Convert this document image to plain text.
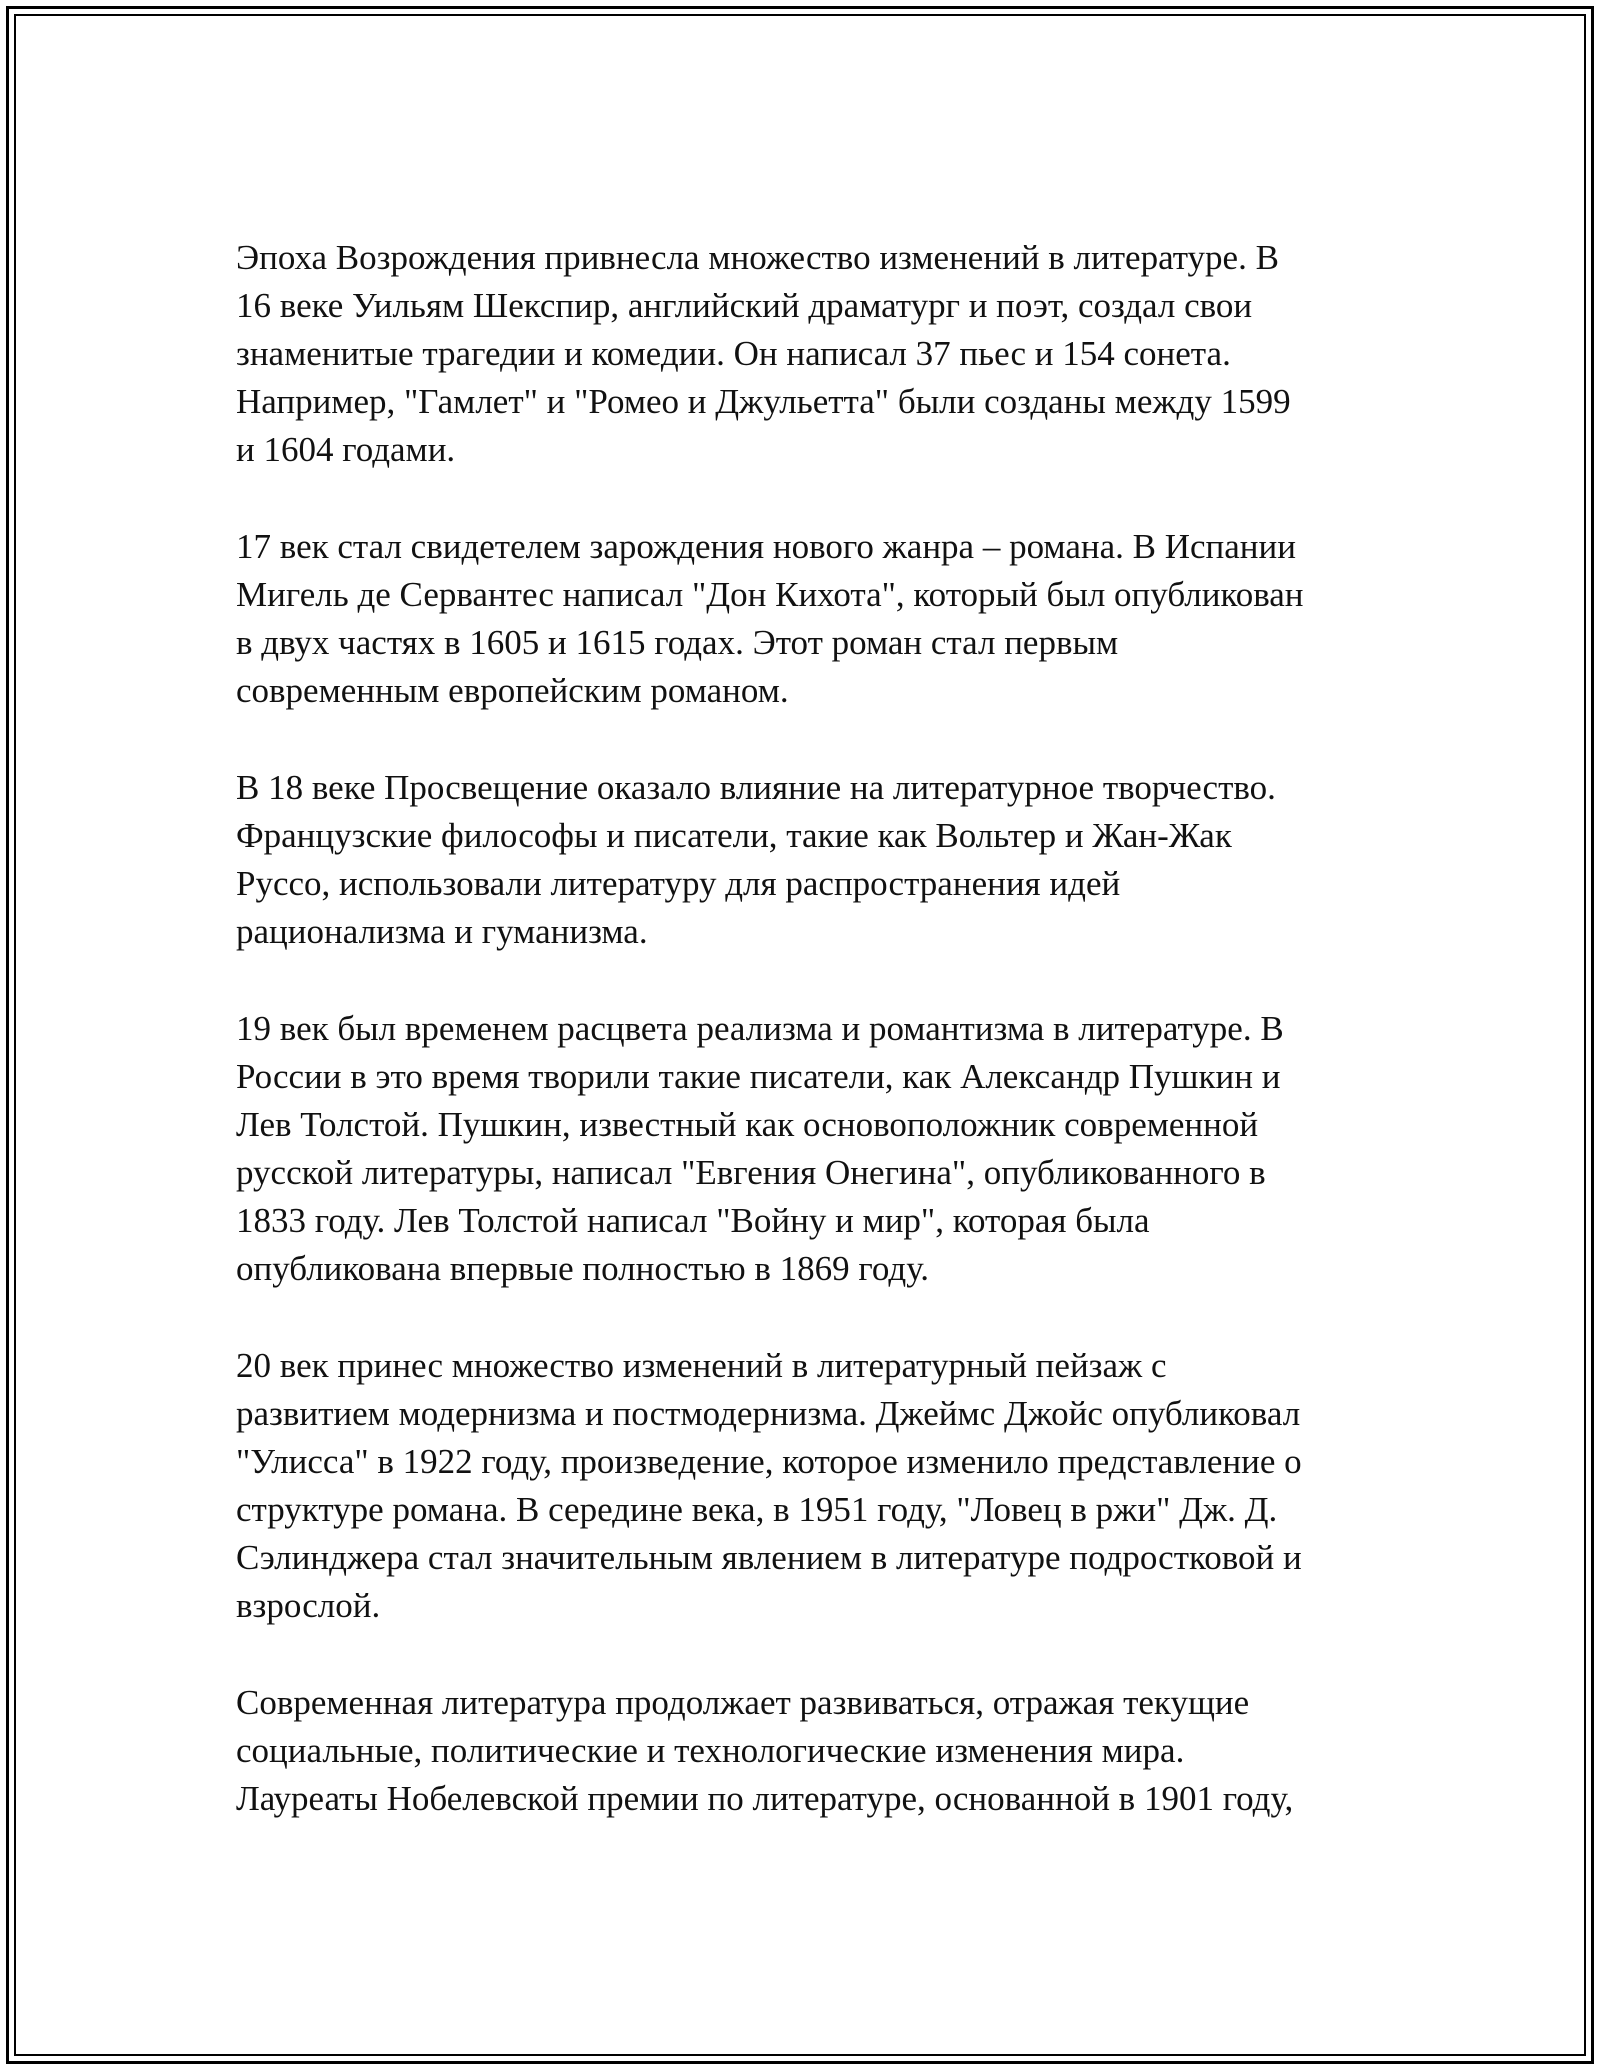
Эпоха Возрождения привнесла множество изменений в литературе. В
16 веке Уильям Шекспир, английский драматург и поэт, создал свои
знаменитые трагедии и комедии. Он написал 37 пьес и 154 сонета.
Например, "Гамлет" и "Ромео и Джульетта" были созданы между 1599
и 1604 годами.

17 век стал свидетелем зарождения нового жанра – романа. В Испании
Мигель де Сервантес написал "Дон Кихота", который был опубликован
в двух частях в 1605 и 1615 годах. Этот роман стал первым
современным европейским романом.

В 18 веке Просвещение оказало влияние на литературное творчество.
Французские философы и писатели, такие как Вольтер и Жан-Жак
Руссо, использовали литературу для распространения идей
рационализма и гуманизма.

19 век был временем расцвета реализма и романтизма в литературе. В
России в это время творили такие писатели, как Александр Пушкин и
Лев Толстой. Пушкин, известный как основоположник современной
русской литературы, написал "Евгения Онегина", опубликованного в
1833 году. Лев Толстой написал "Войну и мир", которая была
опубликована впервые полностью в 1869 году.

20 век принес множество изменений в литературный пейзаж с
развитием модернизма и постмодернизма. Джеймс Джойс опубликовал
"Улисса" в 1922 году, произведение, которое изменило представление о
структуре романа. В середине века, в 1951 году, "Ловец в ржи" Дж. Д.
Сэлинджера стал значительным явлением в литературе подростковой и
взрослой.

Современная литература продолжает развиваться, отражая текущие
социальные, политические и технологические изменения мира.
Лауреаты Нобелевской премии по литературе, основанной в 1901 году,
